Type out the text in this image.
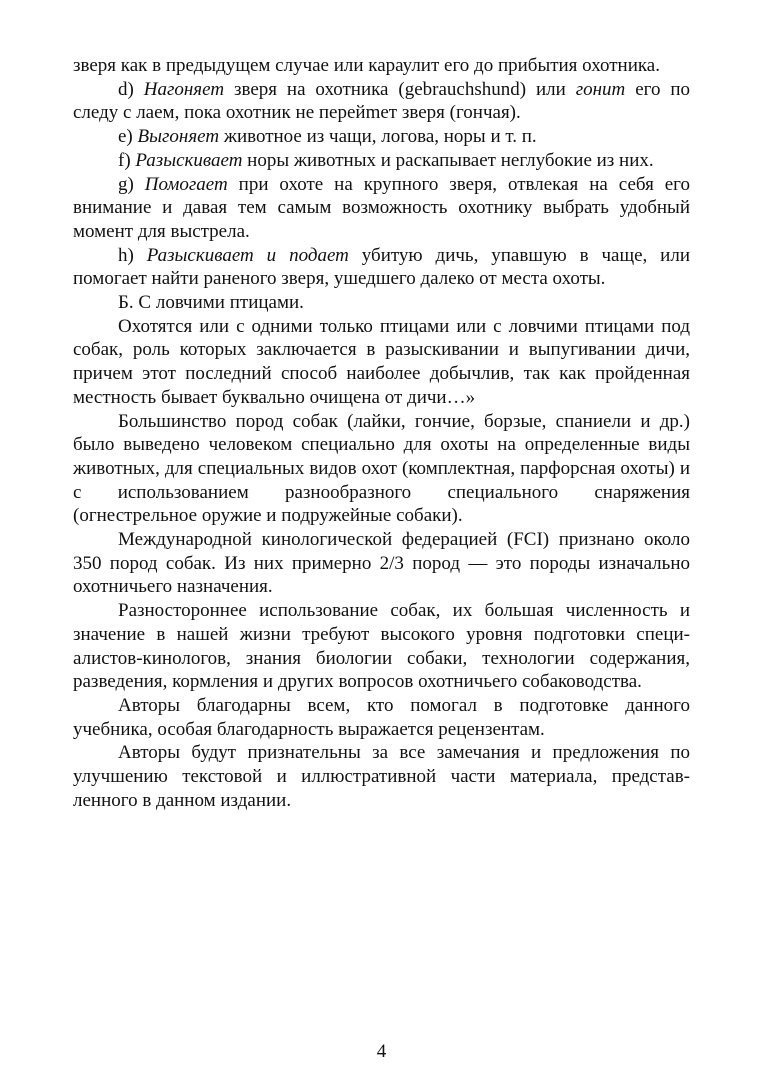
зверя как в предыдущем случае или караулит его до прибытия охотника.

d) Нагоняет зверя на охотника (gebrauchshund) или гонит его по следу с лаем, пока охотник не перейmет зверя (гончая).

e) Выгоняет животное из чащи, логова, норы и т. п.

f) Разыскивает норы животных и раскапывает неглубокие из них.

g) Помогает при охоте на крупного зверя, отвлекая на себя его внимание и давая тем самым возможность охотнику выбрать удобный момент для выстрела.

h) Разыскивает и подает убитую дичь, упавшую в чаще, или помогает найти раненого зверя, ушедшего далеко от места охоты.

Б. С ловчими птицами.

Охотятся или с одними только птицами или с ловчими птицами под собак, роль которых заключается в разыскивании и выпугивании дичи, причем этот последний способ наиболее добычлив, так как пройденная местность бывает буквально очищена от дичи…»

Большинство пород собак (лайки, гончие, борзые, спаниели и др.) было выведено человеком специально для охоты на определенные виды животных, для специальных видов охот (комплектная, парфорсная охоты) и с использованием разнообразного специального снаряжения (огнестрельное оружие и подружейные собаки).

Международной кинологической федерацией (FCI) признано около 350 пород собак. Из них примерно 2/3 пород — это породы изначально охотничьего назначения.

Разностороннее использование собак, их большая численность и значение в нашей жизни требуют высокого уровня подготовки специалистов-кинологов, знания биологии собаки, технологии содержания, разведения, кормления и других вопросов охотничьего собаководства.

Авторы благодарны всем, кто помогал в подготовке данного учебника, особая благодарность выражается рецензентам.

Авторы будут признательны за все замечания и предложения по улучшению текстовой и иллюстративной части материала, представленного в данном издании.

4
